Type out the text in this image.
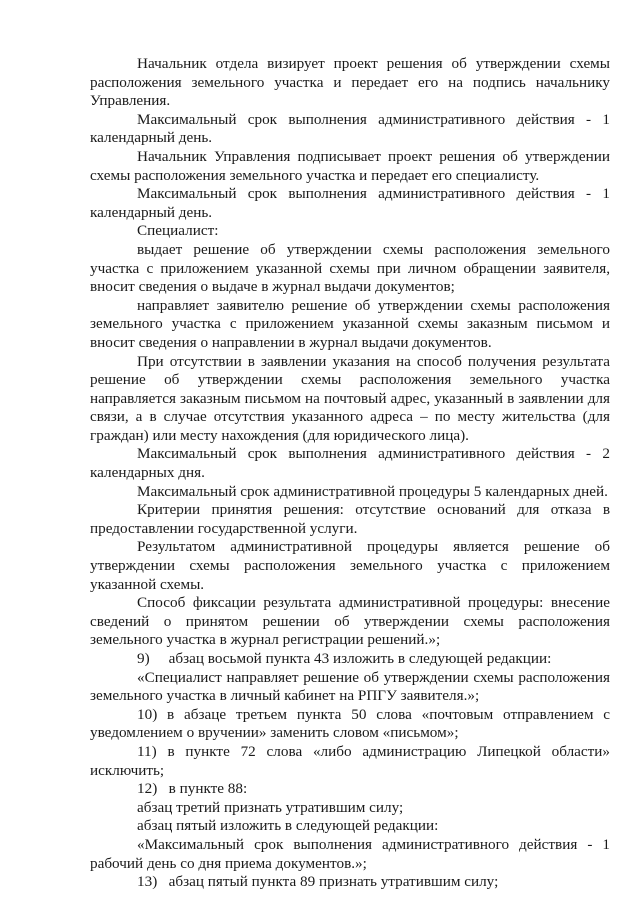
Начальник отдела визирует проект решения об утверждении схемы расположения земельного участка и передает его на подпись начальнику Управления.

Максимальный срок выполнения административного действия - 1 календарный день.

Начальник Управления подписывает проект решения об утверждении схемы расположения земельного участка и передает его специалисту.

Максимальный срок выполнения административного действия - 1 календарный день.

Специалист:

выдает решение об утверждении схемы расположения земельного участка с приложением указанной схемы при личном обращении заявителя, вносит сведения о выдаче в журнал выдачи документов;

направляет заявителю решение об утверждении схемы расположения земельного участка с приложением указанной схемы заказным письмом и вносит сведения о направлении в журнал выдачи документов.

При отсутствии в заявлении указания на способ получения результата решение об утверждении схемы расположения земельного участка направляется заказным письмом на почтовый адрес, указанный в заявлении для связи, а в случае отсутствия указанного адреса – по месту жительства (для граждан) или месту нахождения (для юридического лица).

Максимальный срок выполнения административного действия - 2 календарных дня.

Максимальный срок административной процедуры 5 календарных дней.

Критерии принятия решения: отсутствие оснований для отказа в предоставлении государственной услуги.

Результатом административной процедуры является решение об утверждении схемы расположения земельного участка с приложением указанной схемы.

Способ фиксации результата административной процедуры: внесение сведений о принятом решении об утверждении схемы расположения земельного участка в журнал регистрации решений.»;

9)     абзац восьмой пункта 43 изложить в следующей редакции:

«Специалист направляет решение об утверждении схемы расположения земельного участка в личный кабинет на РПГУ заявителя.»;

10) в абзаце третьем пункта 50 слова «почтовым отправлением с уведомлением о вручении» заменить словом «письмом»;

11) в пункте 72 слова «либо администрацию Липецкой области» исключить;

12)   в пункте 88:

абзац третий признать утратившим силу;

абзац пятый изложить в следующей редакции:

«Максимальный срок выполнения административного действия - 1 рабочий день со дня приема документов.»;

13)   абзац пятый пункта 89 признать утратившим силу;
